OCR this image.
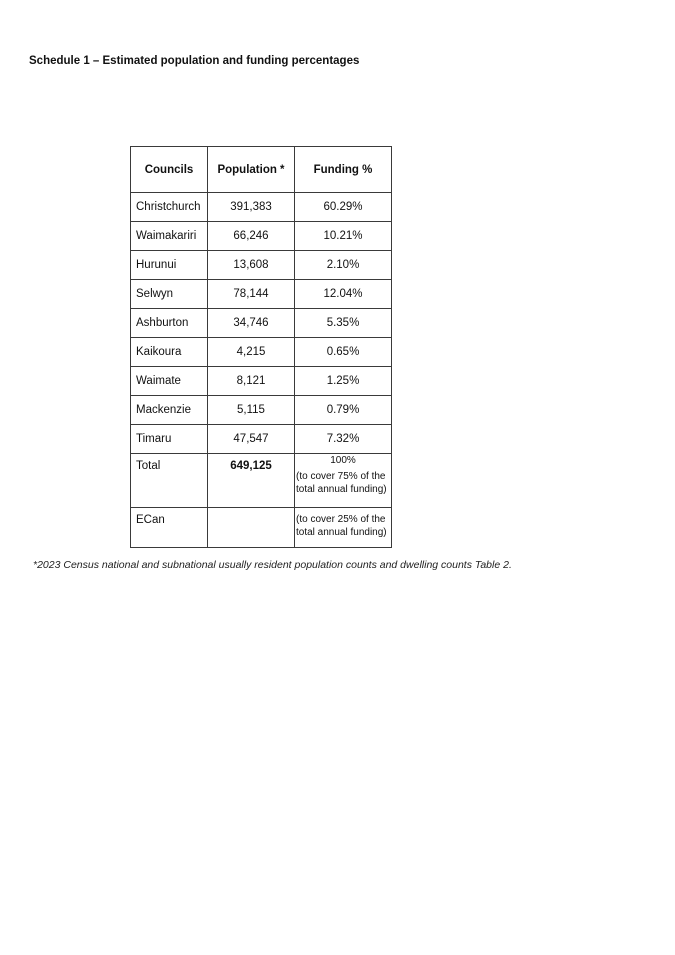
Schedule 1 – Estimated population and funding percentages
Councils	Population *	Funding %
Christchurch	391,383	60.29%
Waimakariri	66,246	10.21%
Hurunui	13,608	2.10%
Selwyn	78,144	12.04%
Ashburton	34,746	5.35%
Kaikoura	4,215	0.65%
Waimate	8,121	1.25%
Mackenzie	5,115	0.79%
Timaru	47,547	7.32%
Total	649,125	100%
(to cover 75% of the total annual funding)

ECan		(to cover 25% of the total annual funding)

*2023 Census national and subnational usually resident population counts and dwelling counts Table 2.
